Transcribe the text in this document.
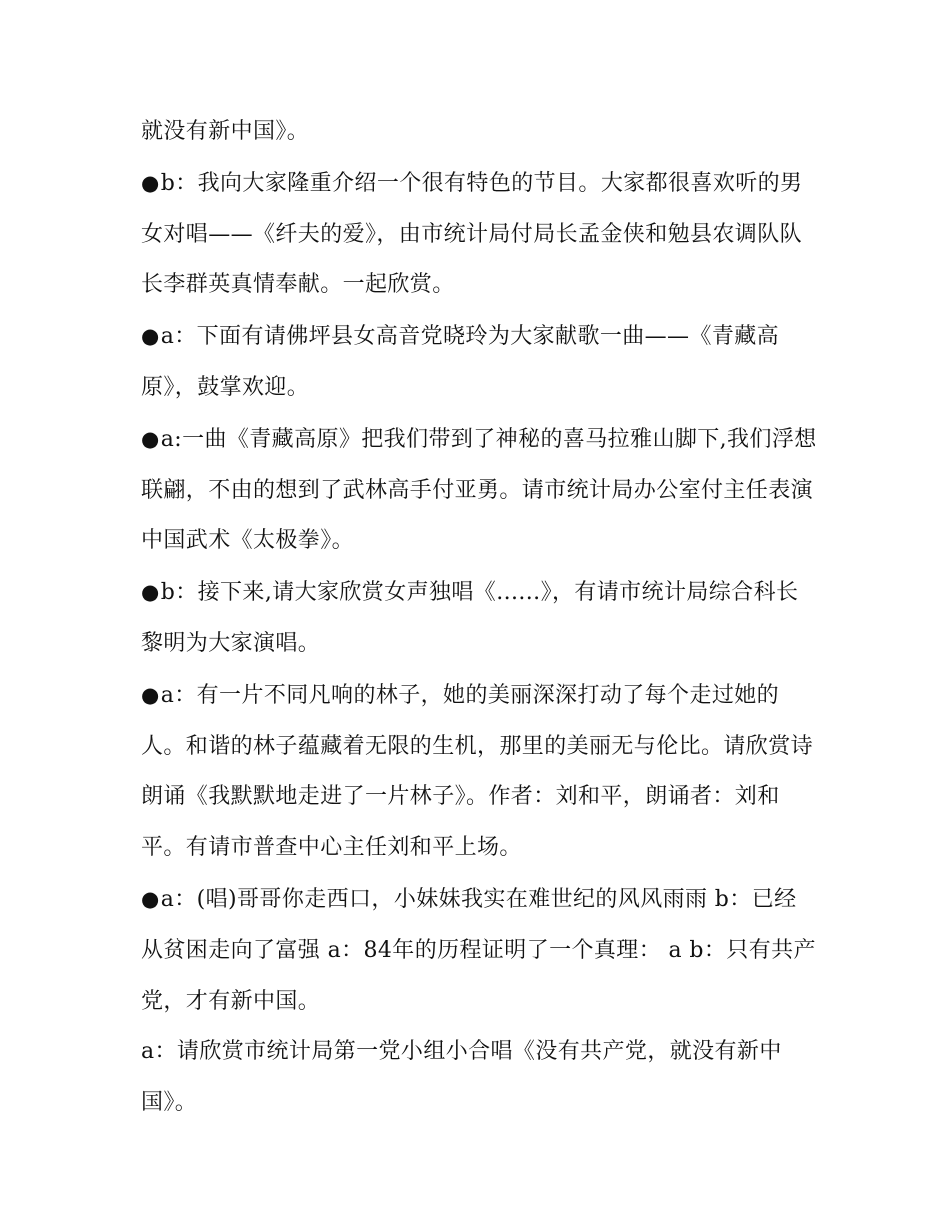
就没有新中国》。

●b：我向大家隆重介绍一个很有特色的节目。大家都很喜欢听的男女对唱——《纤夫的爱》，由市统计局付局长孟金侠和勉县农调队队长李群英真情奉献。一起欣赏。

●a：下面有请佛坪县女高音党晓玲为大家献歌一曲——《青藏高原》，鼓掌欢迎。

●a:一曲《青藏高原》把我们带到了神秘的喜马拉雅山脚下,我们浮想联翩，不由的想到了武林高手付亚勇。请市统计局办公室付主任表演中国武术《太极拳》。

●b：接下来,请大家欣赏女声独唱《......》，有请市统计局综合科长黎明为大家演唱。

●a：有一片不同凡响的林子，她的美丽深深打动了每个走过她的人。和谐的林子蕴藏着无限的生机，那里的美丽无与伦比。请欣赏诗朗诵《我默默地走进了一片林子》。作者：刘和平，朗诵者：刘和平。有请市普查中心主任刘和平上场。

●a：(唱)哥哥你走西口，小妹妹我实在难世纪的风风雨雨 b：已经从贫困走向了富强 a：84年的历程证明了一个真理： a b：只有共产党，才有新中国。

a：请欣赏市统计局第一党小组小合唱《没有共产党，就没有新中国》。
